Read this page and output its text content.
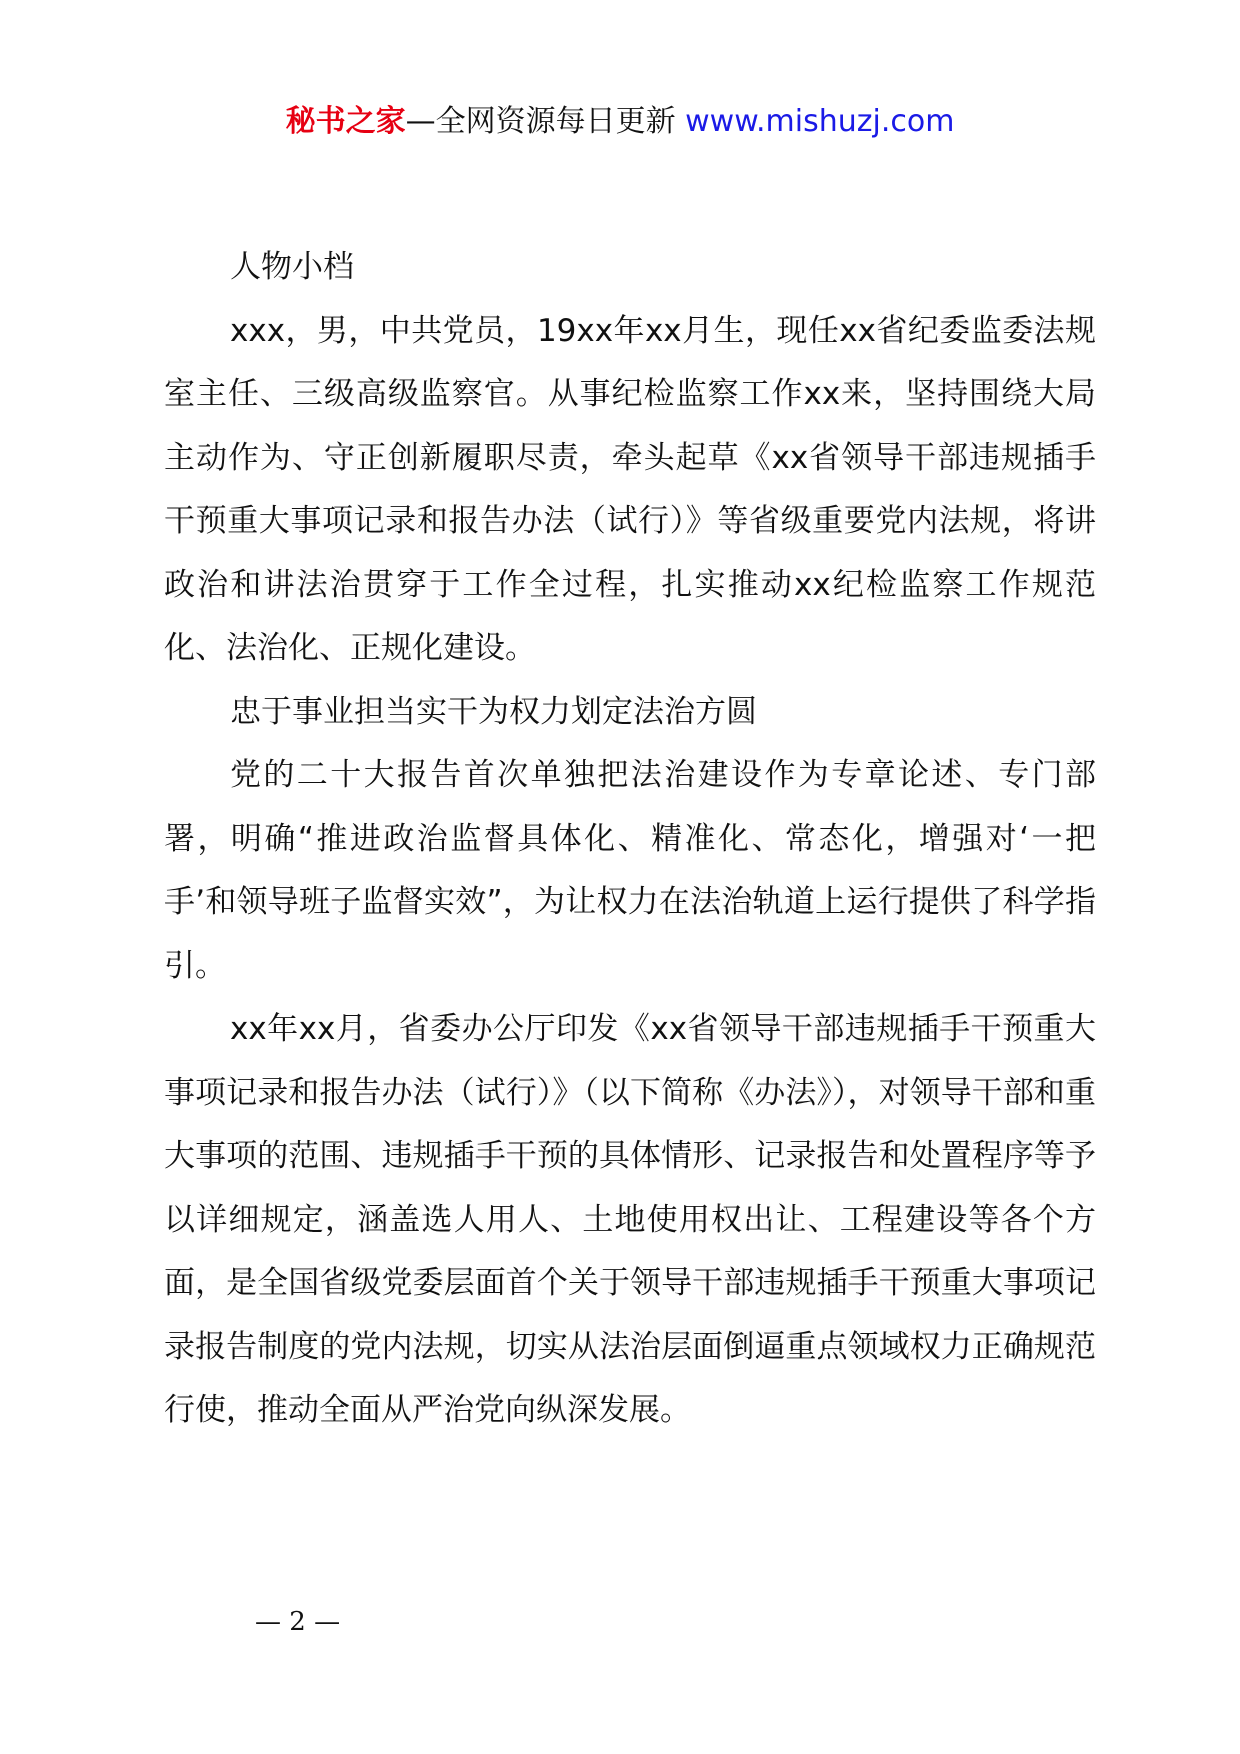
秘书之家—全网资源每日更新 www.mishuzj.com

人物小档

xxx，男，中共党员，19xx年xx月生，现任xx省纪委监委法规室主任、三级高级监察官。从事纪检监察工作xx来，坚持围绕大局主动作为、守正创新履职尽责，牵头起草《xx省领导干部违规插手干预重大事项记录和报告办法（试行）》等省级重要党内法规，将讲政治和讲法治贯穿于工作全过程，扎实推动xx纪检监察工作规范化、法治化、正规化建设。

忠于事业担当实干为权力划定法治方圆

党的二十大报告首次单独把法治建设作为专章论述、专门部署，明确“推进政治监督具体化、精准化、常态化，增强对‘一把手’和领导班子监督实效”，为让权力在法治轨道上运行提供了科学指引。

xx年xx月，省委办公厅印发《xx省领导干部违规插手干预重大事项记录和报告办法（试行）》（以下简称《办法》），对领导干部和重大事项的范围、违规插手干预的具体情形、记录报告和处置程序等予以详细规定，涵盖选人用人、土地使用权出让、工程建设等各个方面，是全国省级党委层面首个关于领导干部违规插手干预重大事项记录报告制度的党内法规，切实从法治层面倒逼重点领域权力正确规范行使，推动全面从严治党向纵深发展。

— 2 —
